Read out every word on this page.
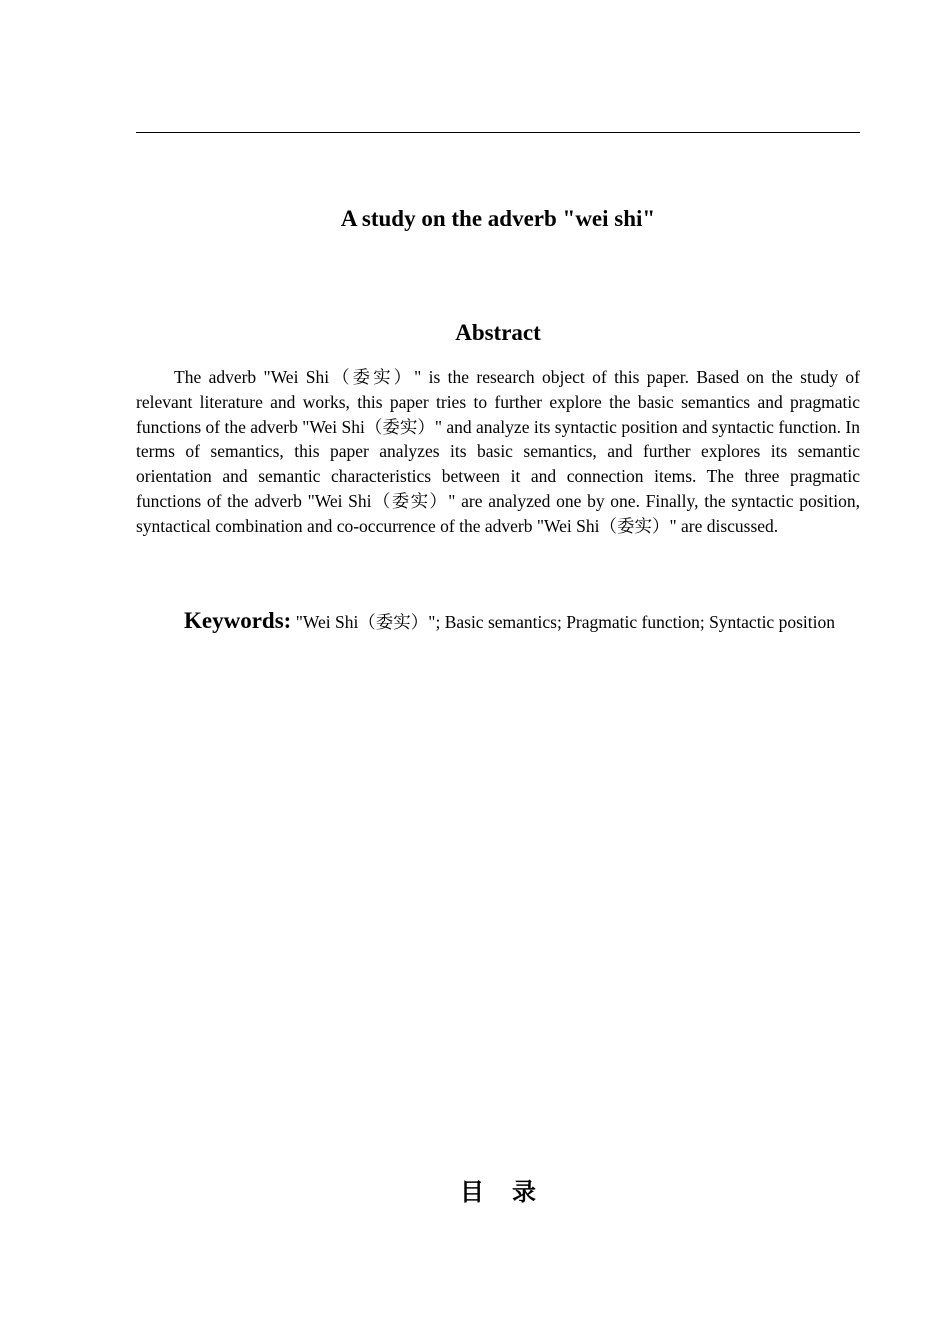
A study on the adverb "wei shi"
Abstract

The adverb "Wei Shi（委实）" is the research object of this paper. Based on the study of relevant literature and works, this paper tries to further explore the basic semantics and pragmatic functions of the adverb "Wei Shi（委实）" and analyze its syntactic position and syntactic function. In terms of semantics, this paper analyzes its basic semantics, and further explores its semantic orientation and semantic characteristics between it and connection items. The three pragmatic functions of the adverb "Wei Shi（委实）" are analyzed one by one. Finally, the syntactic position, syntactical combination and co-occurrence of the adverb "Wei Shi（委实）" are discussed.

Keywords: "Wei Shi（委实）"; Basic semantics; Pragmatic function; Syntactic position

目录
